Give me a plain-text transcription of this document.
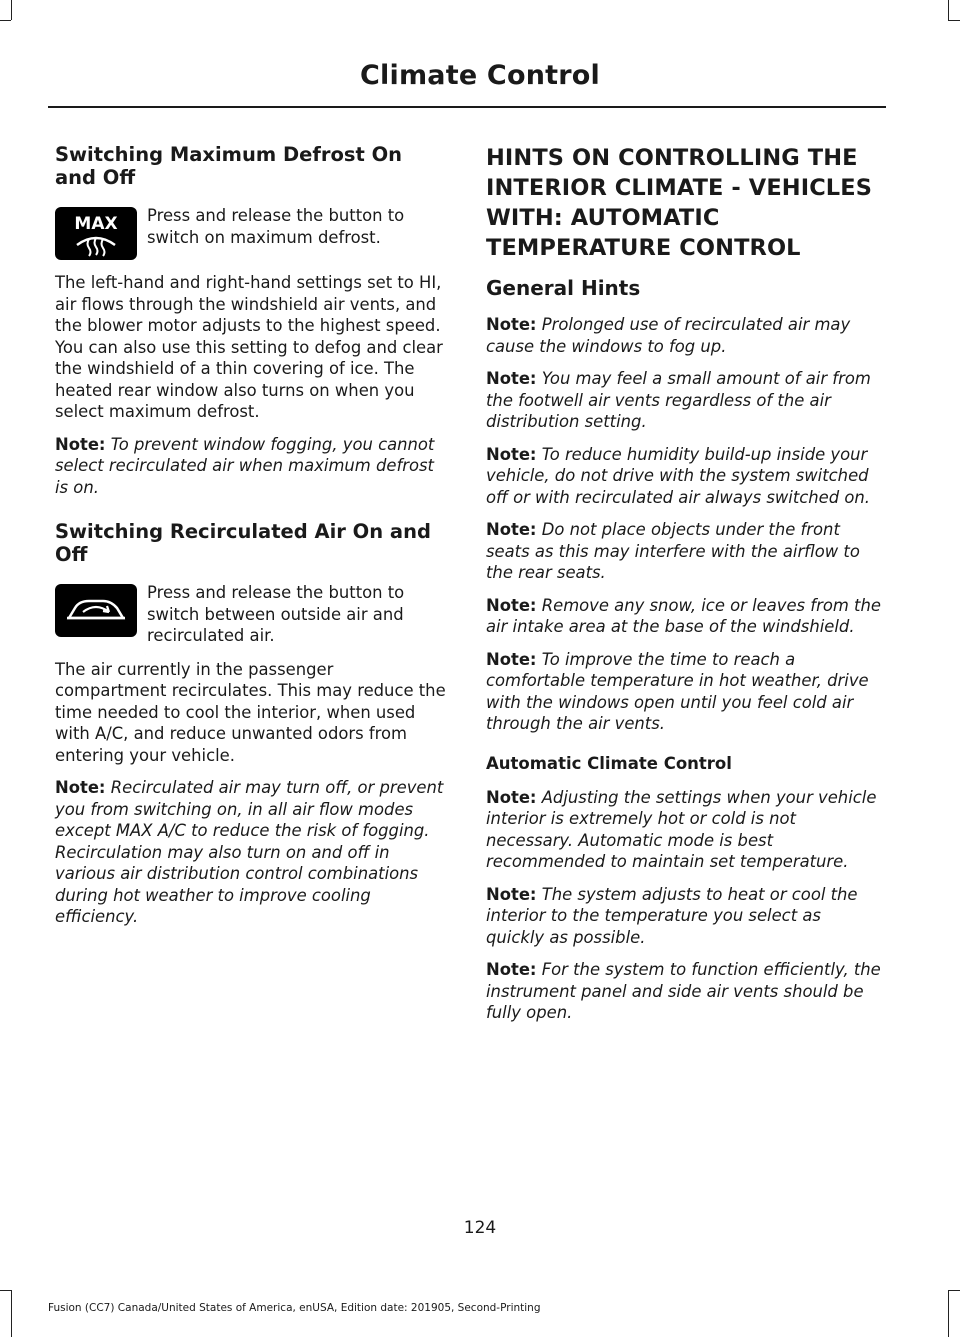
Climate Control
Switching Maximum Defrost On and Off
MAX Press and release the button to switch on maximum defrost.

The left-hand and right-hand settings set to HI, air flows through the windshield air vents, and the blower motor adjusts to the highest speed. You can also use this setting to defog and clear the windshield of a thin covering of ice. The heated rear window also turns on when you select maximum defrost.

Note: To prevent window fogging, you cannot select recirculated air when maximum defrost is on.

Switching Recirculated Air On and Off

Press and release the button to switch between outside air and recirculated air.

The air currently in the passenger compartment recirculates. This may reduce the time needed to cool the interior, when used with A/C, and reduce unwanted odors from entering your vehicle.

Note: Recirculated air may turn off, or prevent you from switching on, in all air flow modes except MAX A/C to reduce the risk of fogging. Recirculation may also turn on and off in various air distribution control combinations during hot weather to improve cooling efficiency.

HINTS ON CONTROLLING THE INTERIOR CLIMATE - VEHICLES WITH: AUTOMATIC TEMPERATURE CONTROL
General Hints

Note: Prolonged use of recirculated air may cause the windows to fog up.

Note: You may feel a small amount of air from the footwell air vents regardless of the air distribution setting.

Note: To reduce humidity build-up inside your vehicle, do not drive with the system switched off or with recirculated air always switched on.

Note: Do not place objects under the front seats as this may interfere with the airflow to the rear seats.

Note: Remove any snow, ice or leaves from the air intake area at the base of the windshield.

Note: To improve the time to reach a comfortable temperature in hot weather, drive with the windows open until you feel cold air through the air vents.

Automatic Climate Control

Note: Adjusting the settings when your vehicle interior is extremely hot or cold is not necessary. Automatic mode is best recommended to maintain set temperature.

Note: The system adjusts to heat or cool the interior to the temperature you select as quickly as possible.

Note: For the system to function efficiently, the instrument panel and side air vents should be fully open.

124
Fusion (CC7) Canada/United States of America, enUSA, Edition date: 201905, Second-Printing
